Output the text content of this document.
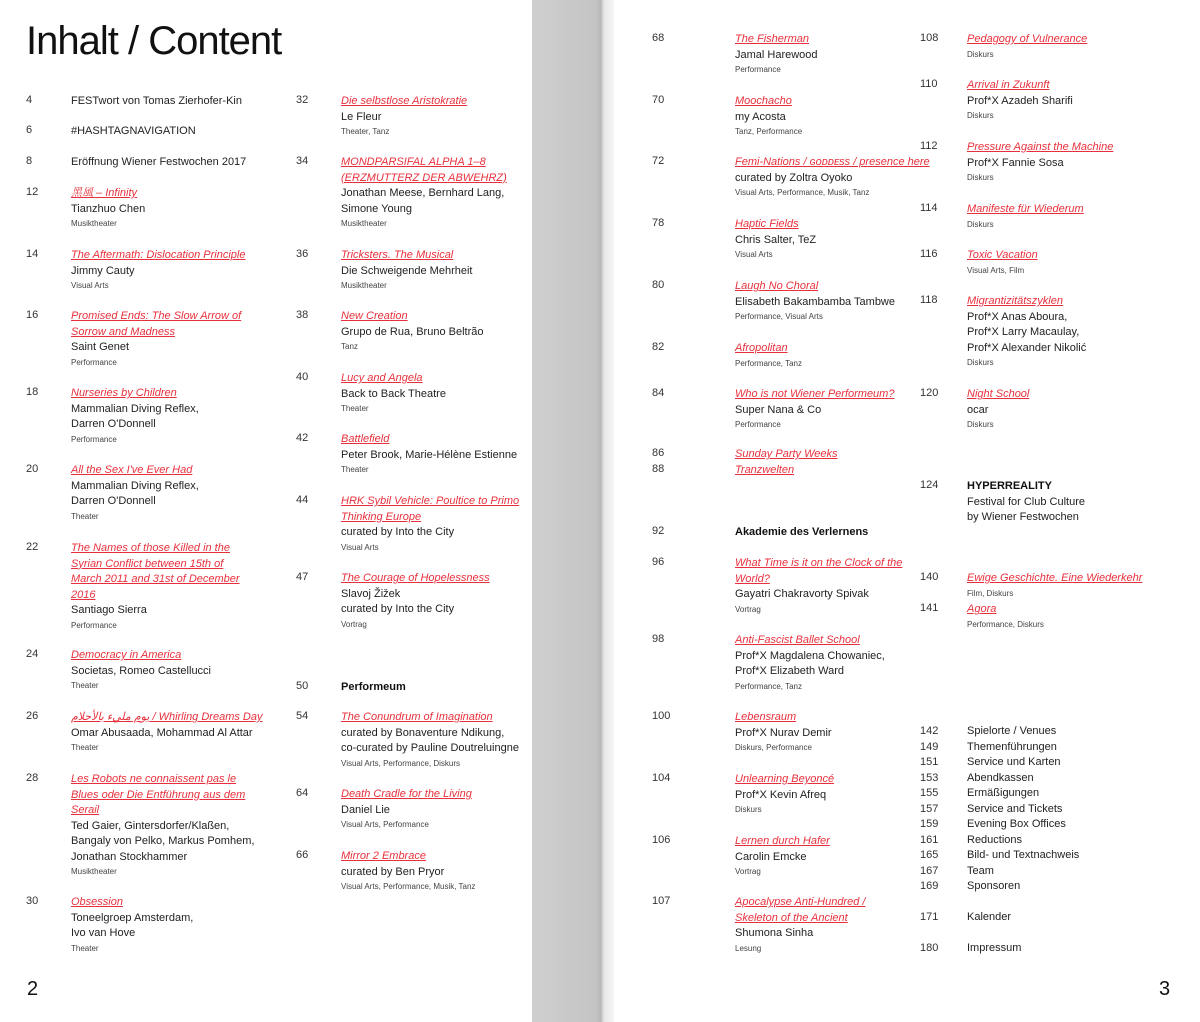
Inhalt / Content
4	FESTwort von Tomas Zierhofer-Kin
6	#HASHTAGNAVIGATION
8	Eröffnung Wiener Festwochen 2017
12	黑風 – Infinity
Tianzhuo Chen
Musiktheater
14	The Aftermath: Dislocation Principle
Jimmy Cauty
Visual Arts
16	Promised Ends: The Slow Arrow of
Sorrow and Madness
Saint Genet
Performance
18	Nurseries by Children
Mammalian Diving Reflex,
Darren O'Donnell
Performance
20	All the Sex I've Ever Had
Mammalian Diving Reflex,
Darren O'Donnell
Theater
22	The Names of those Killed in the
Syrian Conflict between 15th of
March 2011 and 31st of December
2016
Santiago Sierra
Performance
24	Democracy in America
Societas, Romeo Castellucci
Theater
26	يوم مليء بالأحلام / Whirling Dreams Day
Omar Abusaada, Mohammad Al Attar
Theater
28	Les Robots ne connaissent pas le
Blues oder Die Entführung aus dem
Serail
Ted Gaier, Gintersdorfer/Klaßen,
Bangaly von Pelko, Markus Pomhem,
Jonathan Stockhammer
Musiktheater
30	Obsession
Toneelgroep Amsterdam,
Ivo van Hove
Theater
32	Die selbstlose Aristokratie
Le Fleur
Theater, Tanz
34	MONDPARSIFAL ALPHA 1–8
(ERZMUTTERZ DER ABWEHRZ)
Jonathan Meese, Bernhard Lang,
Simone Young
Musiktheater
36	Tricksters. The Musical
Die Schweigende Mehrheit
Musiktheater
38	New Creation
Grupo de Rua, Bruno Beltrão
Tanz
40	Lucy and Angela
Back to Back Theatre
Theater
42	Battlefield
Peter Brook, Marie-Hélène Estienne
Theater
44	HRK Sybil Vehicle: Poultice to Primo
Thinking Europe
curated by Into the City
Visual Arts
47	The Courage of Hopelessness
Slavoj Žižek
curated by Into the City
Vortrag
50	Performeum
54	The Conundrum of Imagination
curated by Bonaventure Ndikung,
co-curated by Pauline Doutreluingne
Visual Arts, Performance, Diskurs
64	Death Cradle for the Living
Daniel Lie
Visual Arts, Performance
66	Mirror 2 Embrace
curated by Ben Pryor
Visual Arts, Performance, Musik, Tanz
2
68	The Fisherman
Jamal Harewood
Performance
70	Moochacho
my Acosta
Tanz, Performance
72	Femi-Nations / ɢᴏᴅᴅᴇss / presence here
curated by Zoltra Oyoko
Visual Arts, Performance, Musik, Tanz
78	Haptic Fields
Chris Salter, TeZ
Visual Arts
80	Laugh No Choral
Elisabeth Bakambamba Tambwe
Performance, Visual Arts
82	Afropolitan
Performance, Tanz
84	Who is not Wiener Performeum?
Super Nana & Co
Performance
86	Sunday Party Weeks
88	Tranzwelten
92	Akademie des Verlernens
96	What Time is it on the Clock of the
World?
Gayatri Chakravorty Spivak
Vortrag
98	Anti-Fascist Ballet School
Prof*X Magdalena Chowaniec,
Prof*X Elizabeth Ward
Performance, Tanz
100	Lebensraum
Prof*X Nurav Demir
Diskurs, Performance
104	Unlearning Beyoncé
Prof*X Kevin Afreq
Diskurs
106	Lernen durch Hafer
Carolin Emcke
Vortrag
107	Apocalypse Anti-Hundred /
Skeleton of the Ancient
Shumona Sinha
Lesung
108	Pedagogy of Vulnerance
Diskurs
110	Arrival in Zukunft
Prof*X Azadeh Sharifi
Diskurs
112	Pressure Against the Machine
Prof*X Fannie Sosa
Diskurs
114	Manifeste für Wiederum
Diskurs
116	Toxic Vacation
Visual Arts, Film
118	Migrantizitätszyklen
Prof*X Anas Aboura,
Prof*X Larry Macaulay,
Prof*X Alexander Nikolić
Diskurs
120	Night School
ocar
Diskurs
124	HYPERREALITY
Festival for Club Culture
by Wiener Festwochen
140	Ewige Geschichte. Eine Wiederkehr
Film, Diskurs
141	Agora
Performance, Diskurs
142	Spielorte / Venues
149	Themenführungen
151	Service und Karten
153	Abendkassen
155	Ermäßigungen
157	Service and Tickets
159	Evening Box Offices
161	Reductions
165	Bild- und Textnachweis
167	Team
169	Sponsoren
171	Kalender
180	Impressum
3
